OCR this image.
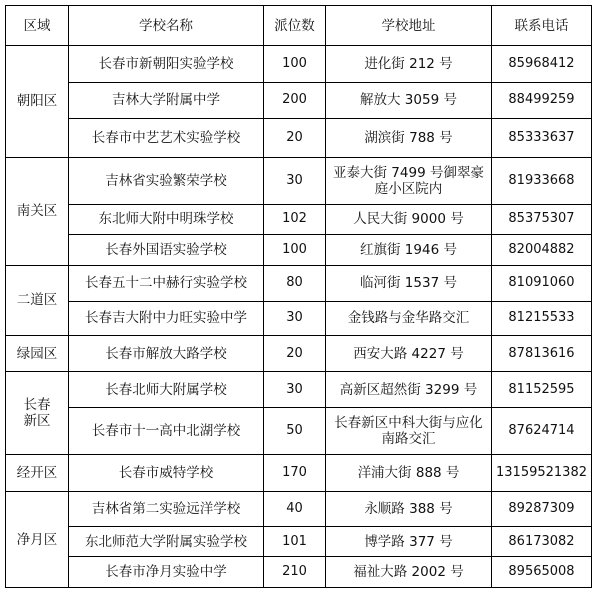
区域	学校名称	派位数	学校地址	联系电话
朝阳区	长春市新朝阳实验学校	100	进化街 212 号	85968412
	吉林大学附属中学	200	解放大 3059 号	88499259
	长春市中艺艺术实验学校	20	湖滨街 788 号	85333637
南关区	吉林省实验繁荣学校	30	亚泰大街 7499 号御翠豪庭小区院内	81933668
	东北师大附中明珠学校	102	人民大街 9000 号	85375307
	长春外国语实验学校	100	红旗街 1946 号	82004882
二道区	长春五十二中赫行实验学校	80	临河街 1537 号	81091060
	长春吉大附中力旺实验中学	30	金钱路与金华路交汇	81215533
绿园区	长春市解放大路学校	20	西安大路 4227 号	87813616
长春新区	长春北师大附属学校	30	高新区超然街 3299 号	81152595
	长春市十一高中北湖学校	50	长春新区中科大街与应化南路交汇	87624714
经开区	长春市威特学校	170	洋浦大街 888 号	13159521382
净月区	吉林省第二实验远洋学校	40	永顺路 388 号	89287309
	东北师范大学附属实验学校	101	博学路 377 号	86173082
	长春市净月实验中学	210	福祉大路 2002 号	89565008
